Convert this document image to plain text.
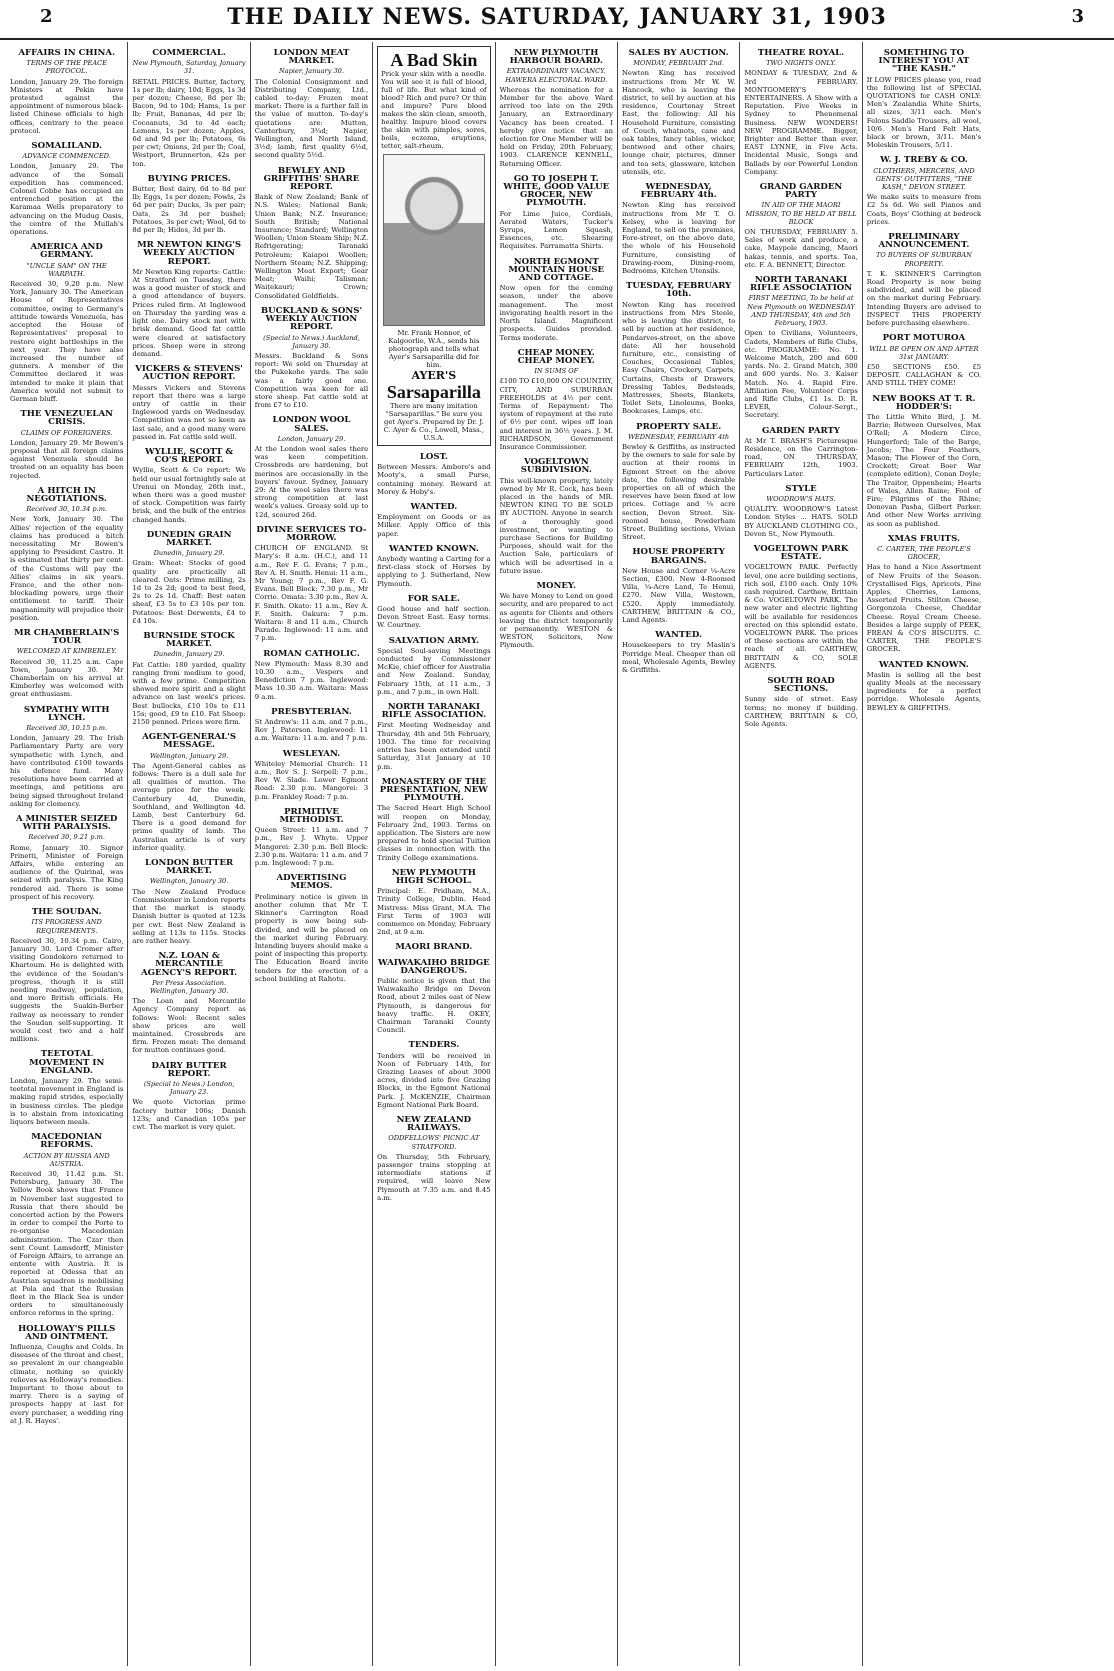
2	THE DAILY NEWS. SATURDAY, JANUARY 31, 1903	3
AFFAIRS IN CHINA.
TERMS OF THE PEACE PROTOCOL.
London, January 29. The foreign Ministers at Pekin have protested against the appointment of numerous black-listed Chinese officials to high offices, contrary to the peace protocol.
SOMALILAND.
ADVANCE COMMENCED.
London, January 29. The advance of the Somali expedition has commenced. Colonel Cobbe has occupied an entrenched position at the Karamaa Wells preparatory to advancing on the Mudug Oasis, the centre of the Mullah's operations.
AMERICA AND GERMANY.
"UNCLE SAM" ON THE WARPATH.
Received 30, 9.20 p.m. New York, January 30. The American House of Representatives committee, owing to Germany's attitude towards Venezuela, has accepted the House of Representatives' proposal to restore eight battleships in the next year. They have also increased the number of gunners. A member of the Committee declared it was intended to make it plain that America would not submit to German bluff.
THE VENEZUELAN CRISIS.
CLAIMS OF FOREIGNERS.
London, January 29. Mr Bowen's proposal that all foreign claims against Venezuela should be treated on an equality has been rejected.
A HITCH IN NEGOTIATIONS.
Received 30, 10.34 p.m.
New York, January 30. The Allies' rejection of the equality claims has produced a hitch necessitating Mr Bowen's applying to President Castro. It is estimated that thirty per cent. of the Customs will pay the Allies' claims in six years. France, and the other non-blockading powers, urge their entitlement to tariff. Their magnanimity will prejudice their position.
MR CHAMBERLAIN'S TOUR
WELCOMED AT KIMBERLEY.
Received 30, 11.25 a.m. Cape Town, January 30. Mr Chamberlain on his arrival at Kimberley was welcomed with great enthusiasm.
SYMPATHY WITH LYNCH.
Received 30, 10.15 p.m.
London, January 29. The Irish Parliamentary Party are very sympathetic with Lynch, and have contributed £100 towards his defence fund. Many resolutions have been carried at meetings, and petitions are being signed throughout Ireland asking for clemency.
A MINISTER SEIZED WITH PARALYSIS.
Received 30, 9.21 p.m.
Rome, January 30. Signor Prinetti, Minister of Foreign Affairs, while entering an audience of the Quirinal, was seized with paralysis. The King rendered aid. There is some prospect of his recovery.
THE SOUDAN.
ITS PROGRESS AND REQUIREMENTS.
Received 30, 10.34 p.m. Cairo, January 30. Lord Cromer after visiting Gondokoro returned to Khartoum. He is delighted with the evidence of the Soudan's progress, though it is still needing roadway, population, and more British officials. He suggests the Suakin-Berber railway as necessary to render the Soudan self-supporting. It would cost two and a half millions.
TEETOTAL MOVEMENT IN ENGLAND.
London, January 29. The semi-teetotal movement in England is making rapid strides, especially in business circles. The pledge is to abstain from intoxicating liquors between meals.
MACEDONIAN REFORMS.
ACTION BY RUSSIA AND AUSTRIA.
Received 30, 11.42 p.m. St. Petersburg, January 30. The Yellow Book shows that France in November last suggested to Russia that there should be concerted action by the Powers in order to compel the Porte to re-organise Macedonian administration. The Czar then sent Count Lamsdorff, Minister of Foreign Affairs, to arrange an entente with Austria. It is reported at Odessa that an Austrian squadron is mobilising at Pola and that the Russian fleet in the Black Sea is under orders to simultaneously enforce reforms in the spring.
HOLLOWAY'S PILLS AND OINTMENT.
Influenza, Coughs and Colds. In diseases of the throat and chest, so prevalent in our changeable climate, nothing so quickly relieves as Holloway's remedies. Important to those about to marry. There is a saying of prospects happy at last for every purchaser, a wedding ring at J. R. Hayes'.
COMMERCIAL.
New Plymouth, Saturday, January 31.
RETAIL PRICES. Butter, factory, 1s per lb; dairy, 10d; Eggs, 1s 3d per dozen; Cheese, 8d per lb; Bacon, 9d to 10d; Hams, 1s per lb; Fruit, Bananas, 4d per lb; Cocoanuts, 3d to 4d each; Lemons, 1s per dozen; Apples, 6d and 9d per lb; Potatoes, 6s per cwt; Onions, 2d per lb; Coal, Westport, Brunnerton, 42s per ton.
BUYING PRICES.
Butter, Best dairy, 6d to 8d per lb; Eggs, 1s per dozen; Fowls, 2s 6d per pair; Ducks, 3s per pair; Oats, 2s 3d per bushel; Potatoes, 3s per cwt; Wool, 6d to 8d per lb; Hides, 3d per lb.
MR NEWTON KING'S WEEKLY AUCTION REPORT.
Mr Newton King reports: Cattle: At Stratford on Tuesday, there was a good muster of stock and a good attendance of buyers. Prices ruled firm. At Inglewood on Thursday the yarding was a light one. Dairy stock met with brisk demand. Good fat cattle were cleared at satisfactory prices. Sheep were in strong demand.
VICKERS & STEVENS' AUCTION REPORT.
Messrs Vickers and Stevens report that there was a large entry of cattle in their Inglewood yards on Wednesday. Competition was not so keen as last sale, and a good many were passed in. Fat cattle sold well.
WYLLIE, SCOTT & CO'S REPORT.
Wyllie, Scott & Co report: We held our usual fortnightly sale at Urenui on Monday, 26th inst., when there was a good muster of stock. Competition was fairly brisk, and the bulk of the entries changed hands.
DUNEDIN GRAIN MARKET.
Dunedin, January 29.
Grain: Wheat: Stocks of good quality are practically all cleared. Oats: Prime milling, 2s 1d to 2s 2d; good to best feed, 2s to 2s 1d. Chaff: Best oaten sheaf, £3 5s to £3 10s per ton. Potatoes: Best Derwents, £4 to £4 10s.
BURNSIDE STOCK MARKET.
Dunedin, January 29.
Fat Cattle: 180 yarded, quality ranging from medium to good, with a few prime. Competition showed more spirit and a slight advance on last week's prices. Best bullocks, £10 10s to £11 15s; good, £9 to £10. Fat Sheep: 2150 penned. Prices were firm.
AGENT-GENERAL'S MESSAGE.
Wellington, January 29.
The Agent-General cables as follows: There is a dull sale for all qualities of mutton. The average price for the week: Canterbury 4d, Dunedin, Southland, and Wellington 4d. Lamb, best Canterbury 6d. There is a good demand for prime quality of lamb. The Australian article is of very inferior quality.
LONDON BUTTER MARKET.
Wellington, January 30.
The New Zealand Produce Commissioner in London reports that the market is steady. Danish butter is quoted at 123s per cwt. Best New Zealand is selling at 113s to 115s. Stocks are rather heavy.
N.Z. LOAN & MERCANTILE AGENCY'S REPORT.
Per Press Association. Wellington, January 30.
The Loan and Mercantile Agency Company report as follows: Wool: Recent sales show prices are well maintained. Crossbreds are firm. Frozen meat: The demand for mutton continues good.
DAIRY BUTTER REPORT.
(Special to News.) London, January 23.
We quote Victorian prime factory butter 106s; Danish 123s; and Canadian 105s per cwt. The market is very quiet.
LONDON MEAT MARKET.
Napier, January 30.
The Colonial Consignment and Distributing Company, Ltd., cabled to-day: Frozen meat market: There is a further fall in the value of mutton. To-day's quotations are: Mutton, Canterbury, 3¾d; Napier, Wellington, and North Island, 3½d; lamb, first quality 6½d, second quality 5½d.
BEWLEY AND GRIFFITHS' SHARE REPORT.
Bank of New Zealand; Bank of N.S. Wales; National Bank; Union Bank; N.Z. Insurance; South British; National Insurance; Standard; Wellington Woollen; Union Steam Ship; N.Z. Refrigerating; Taranaki Petroleum; Kaiapoi Woollen; Northern Steam; N.Z. Shipping; Wellington Meat Export; Gear Meat; Waihi; Talisman; Waitekauri; Crown; Consolidated Goldfields.
BUCKLAND & SONS' WEEKLY AUCTION REPORT.
(Special to News.) Auckland, January 30.
Messrs. Buckland & Sons report: We sold on Thursday at the Pukekohe yards. The sale was a fairly good one. Competition was keen for all store sheep. Fat cattle sold at from £7 to £10.
LONDON WOOL SALES.
London, January 29.
At the London wool sales there was keen competition. Crossbreds are hardening, but merinos are occasionally in the buyers' favour. Sydney, January 29: At the wool sales there was strong competition at last week's values. Greasy sold up to 12d, scoured 26d.
DIVINE SERVICES TO-MORROW.
CHURCH OF ENGLAND. St Mary's: 8 a.m. (H.C.), and 11 a.m., Rev F. G. Evans; 7 p.m., Rev A. H. Smith. Henui: 11 a.m., Mr Young; 7 p.m., Rev F. G. Evans. Bell Block: 7.30 p.m., Mr Corrie. Omata: 3.30 p.m., Rev A. F. Smith. Okato: 11 a.m., Rev A. F. Smith. Oakura: 7 p.m. Waitara: 8 and 11 a.m., Church Parade. Inglewood: 11 a.m. and 7 p.m.
ROMAN CATHOLIC.
New Plymouth: Mass 8.30 and 10.30 a.m., Vespers and Benediction 7 p.m. Inglewood: Mass 10.30 a.m. Waitara: Mass 9 a.m.
PRESBYTERIAN.
St Andrew's: 11 a.m. and 7 p.m., Rev J. Paterson. Inglewood: 11 a.m. Waitara: 11 a.m. and 7 p.m.
WESLEYAN.
Whiteley Memorial Church: 11 a.m., Rev S. J. Serpell; 7 p.m., Rev W. Slade. Lower Egmont Road: 2.30 p.m. Mangorei: 3 p.m. Frankley Road: 7 p.m.
PRIMITIVE METHODIST.
Queen Street: 11 a.m. and 7 p.m., Rev J. Whyte. Upper Mangorei: 2.30 p.m. Bell Block: 2.30 p.m. Waitara: 11 a.m. and 7 p.m. Inglewood: 7 p.m.
ADVERTISING MEMOS.
Preliminary notice is given in another column that Mr T. Skinner's Carrington Road property is now being sub-divided, and will be placed on the market during February. Intending buyers should make a point of inspecting this property. The Education Board invite tenders for the erection of a school building at Rahotu.
A Bad Skin
Prick your skin with a needle. You will see it is full of blood, full of life. But what kind of blood? Rich and pure? Or thin and impure? Pure blood makes the skin clean, smooth, healthy. Impure blood covers the skin with pimples, sores, boils, eczema, eruptions, tetter, salt-rheum.
Mr. Frank Honnor, of Kalgoorlie, W.A., sends his photograph and tells what Ayer's Sarsaparilla did for him.
AYER'S
Sarsaparilla
There are many imitation "Sarsaparillas." Be sure you get Ayer's. Prepared by Dr. J. C. Ayer & Co., Lowell, Mass., U.S.A.
LOST.
Between Messrs. Amboro's and Mooty's, a small Purse, containing money. Reward at Morey & Hoby's.
WANTED.
Employment on Goods or as Milker. Apply Office of this paper.
WANTED KNOWN.
Anybody wanting a Carting for a first-class stock of Horses by applying to J. Sutherland, New Plymouth.
FOR SALE.
Good house and half section. Devon Street East. Easy terms. W. Courtney.
SALVATION ARMY.
Special Soul-saving Meetings conducted by Commissioner McKie, chief officer for Australia and New Zealand. Sunday, February 15th, at 11 a.m., 3 p.m., and 7 p.m., in own Hall.
NORTH TARANAKI RIFLE ASSOCIATION.
First Meeting Wednesday and Thursday, 4th and 5th February, 1903. The time for receiving entries has been extended until Saturday, 31st January at 10 p.m.
MONASTERY OF THE PRESENTATION, NEW PLYMOUTH.
The Sacred Heart High School will reopen on Monday, February 2nd, 1903. Terms on application. The Sisters are now prepared to hold special Tuition classes in connection with the Trinity College examinations.
NEW PLYMOUTH HIGH SCHOOL.
Principal: E. Pridham, M.A., Trinity College, Dublin. Head Mistress: Miss Grant, M.A. The First Term of 1903 will commence on Monday, February 2nd, at 9 a.m.
MAORI BRAND.
WAIWAKAIHO BRIDGE DANGEROUS.
Public notice is given that the Waiwakaiho Bridge on Devon Road, about 2 miles east of New Plymouth, is dangerous for heavy traffic. H. OKEY, Chairman Taranaki County Council.
TENDERS.
Tenders will be received in Noon of February 14th, for Grazing Leases of about 3000 acres, divided into five Grazing Blocks, in the Egmont National Park. J. McKENZIE, Chairman Egmont National Park Board.
NEW ZEALAND RAILWAYS.
ODDFELLOWS' PICNIC AT STRATFORD.
On Thursday, 5th February, passenger trains stopping at intermediate stations if required, will leave New Plymouth at 7.35 a.m. and 8.45 a.m.
NEW PLYMOUTH HARBOUR BOARD.
EXTRAORDINARY VACANCY. HAWERA ELECTORAL WARD.
Whereas the nomination for a Member for the above Ward arrived too late on the 29th January, an Extraordinary Vacancy has been created. I hereby give notice that an election for One Member will be held on Friday, 20th February, 1903. CLARENCE KENNELL, Returning Officer.
GO TO JOSEPH T. WHITE, GOOD VALUE GROCER, NEW PLYMOUTH.
For Lime Juice, Cordials, Aerated Waters, Tucker's Syrups, Lemon Squash, Essences, etc. Shearing Requisites. Parramatta Shirts.
NORTH EGMONT MOUNTAIN HOUSE AND COTTAGE.
Now open for the coming season, under the above management. The most invigorating health resort in the North Island. Magnificent prospects. Guides provided. Terms moderate.
CHEAP MONEY. CHEAP MONEY.
IN SUMS OF
£100 TO £10,000 ON COUNTRY, CITY, AND SUBURBAN FREEHOLDS at 4½ per cent. Terms of Repayment: The system of repayment at the rate of 6½ per cent. wipes off loan and interest in 36½ years. J. M. RICHARDSON, Government Insurance Commissioner.
VOGELTOWN SUBDIVISION.
This well-known property, lately owned by Mr R. Cock, has been placed in the hands of MR. NEWTON KING TO BE SOLD BY AUCTION. Anyone in search of a thoroughly good investment, or wanting to purchase Sections for Building Purposes, should wait for the Auction Sale, particulars of which will be advertised in a future issue.
MONEY.
We have Money to Lend on good security, and are prepared to act as agents for Clients and others leaving the district temporarily or permanently. WESTON & WESTON, Solicitors, New Plymouth.
SALES BY AUCTION.
MONDAY, FEBRUARY 2nd.
Newton King has received instructions from Mr W. W. Hancock, who is leaving the district, to sell by auction at his residence, Courtenay Street East, the following: All his Household Furniture, consisting of Couch, whatnots, cane and oak tables, fancy tables, wicker, bentwood and other chairs, lounge chair, pictures, dinner and tea sets, glassware, kitchen utensils, etc.
WEDNESDAY, FEBRUARY 4th.
Newton King has received instructions from Mr T. O. Kelsey, who is leaving for England, to sell on the premises, Fore-street, on the above date, the whole of his Household Furniture, consisting of Drawing-room, Dining-room, Bedrooms, Kitchen Utensils.
TUESDAY, FEBRUARY 10th.
Newton King has received instructions from Mrs Steele, who is leaving the district, to sell by auction at her residence, Pendarves-street, on the above date: All her household furniture, etc., consisting of Couches, Occasional Tables, Easy Chairs, Crockery, Carpets, Curtains, Chests of Drawers, Dressing Tables, Bedsteads, Mattresses, Sheets, Blankets, Toilet Sets, Linoleums, Books, Bookcases, Lamps, etc.
PROPERTY SALE.
WEDNESDAY, FEBRUARY 4th
Bewley & Griffiths, as instructed by the owners to sale for sale by auction at their rooms in Egmont Street on the above date, the following desirable properties on all of which the reserves have been fixed at low prices. Cottage and ¼ acre section, Devon Street. Six-roomed house, Powderham Street. Building sections, Vivian Street.
HOUSE PROPERTY BARGAINS.
New House and Corner ¼-Acre Section, £300. New 4-Roomed Villa, ¼-Acre Land, Te Henui, £270. New Villa, Westown, £520. Apply immediately. CARTHEW, BRITTAIN & CO., Land Agents.
WANTED.
Housekeepers to try Maslin's Porridge Meal. Cheaper than oil meal, Wholesale Agents, Bewley & Griffiths.
THEATRE ROYAL.
TWO NIGHTS ONLY.
MONDAY & TUESDAY, 2nd & 3rd FEBRUARY. MONTGOMERY'S ENTERTAINERS. A Show with a Reputation. Five Weeks in Sydney to Phenomenal Business. NEW WONDERS! NEW PROGRAMME. Bigger, Brighter and Better than ever. EAST LYNNE, in Five Acts. Incidental Music, Songs and Ballads by our Powerful London Company.
GRAND GARDEN PARTY
IN AID OF THE MAORI MISSION, TO BE HELD AT BELL BLOCK
ON THURSDAY, FEBRUARY 5. Sales of work and produce, a cake, Maypole dancing, Maori hakas, tennis, and sports. Tea, etc. F. A. BENNETT, Director.
NORTH TARANAKI RIFLE ASSOCIATION
FIRST MEETING, To be held at New Plymouth on WEDNESDAY AND THURSDAY, 4th and 5th February, 1903.
Open to Civilians, Volunteers, Cadets, Members of Rifle Clubs, etc. PROGRAMME: No. 1. Welcome Match, 200 and 600 yards. No. 2. Grand Match, 300 and 600 yards. No. 3. Kaiser Match. No. 4. Rapid Fire. Affiliation Fee, Volunteer Corps and Rifle Clubs, £1 1s. D. R. LEVER, Colour-Sergt., Secretary.
GARDEN PARTY
At Mr T. BRASH'S Picturesque Residence, on the Carrington-road, ON THURSDAY, FEBRUARY 12th, 1903. Particulars Later.
STYLE
WOODROW'S HATS.
QUALITY. WOODROW'S Latest London Styles ... HATS. SOLD BY AUCKLAND CLOTHING CO., Devon St., New Plymouth.
VOGELTOWN PARK ESTATE.
VOGELTOWN PARK. Perfectly level, one acre building sections, rich soil, £100 each. Only 10% cash required. Carthew, Brittain & Co. VOGELTOWN PARK. The new water and electric lighting will be available for residences erected on this splendid estate. VOGELTOWN PARK. The prices of these sections are within the reach of all. CARTHEW, BRITTAIN & CO, SOLE AGENTS.
SOUTH ROAD SECTIONS.
Sunny side of street. Easy terms; no money if building. CARTHEW, BRITTAIN & CO, Sole Agents.
SOMETHING TO INTEREST YOU AT "THE KASH."
If LOW PRICES please you, read the following list of SPECIAL QUOTATIONS for CASH ONLY: Men's Zealandia White Shirts, all sizes, 3/11 each. Men's Felons Saddle Trousers, all wool, 10/6. Men's Hard Felt Hats, black or brown, 3/11. Men's Moleskin Trousers, 5/11.
W. J. TREBY & CO.
CLOTHIERS, MERCERS, AND GENTS' OUTFITTERS, "THE KASH," DEVON STREET.
We make suits to measure from £2 5s 6d. We sell Pianos and Coats, Boys' Clothing at bedrock prices.
PRELIMINARY ANNOUNCEMENT.
TO BUYERS OF SUBURBAN PROPERTY.
T. K. SKINNER'S Carrington Road Property is now being subdivided, and will be placed on the market during February. Intending Buyers are advised to INSPECT THIS PROPERTY before purchasing elsewhere.
PORT MOTUROA
WILL BE OPEN ON AND AFTER 31st JANUARY.
£50 SECTIONS £50. £5 DEPOSIT. CALLAGHAN & CO. AND STILL THEY COME!
NEW BOOKS AT T. R. HODDER'S:
The Little White Bird, J. M. Barrie; Between Ourselves, Max O'Rell; A Modern Circe, Hungerford; Tale of the Barge, Jacobs; The Four Feathers, Mason; The Flower of the Corn, Crockett; Great Boer War (complete edition), Conan Doyle; The Traitor, Oppenheim; Hearts of Wales, Allen Raine; Fool of Fire; Pilgrims of the Rhine; Donovan Pasha, Gilbert Parker. And other New Works arriving as soon as published.
XMAS FRUITS.
C. CARTER, THE PEOPLE'S GROCER,
Has to hand a Nice Assortment of New Fruits of the Season. Crystallised Figs, Apricots, Pine Apples, Cherries, Lemons, Assorted Fruits. Stilton Cheese, Gorgonzola Cheese, Cheddar Cheese. Royal Cream Cheese. Besides a large supply of PEEK, FREAN & CO'S BISCUITS. C. CARTER, THE PEOPLE'S GROCER.
WANTED KNOWN.
Maslin is selling all the best quality Meals at the necessary ingredients for a perfect porridge. Wholesale Agents, BEWLEY & GRIFFITHS.
